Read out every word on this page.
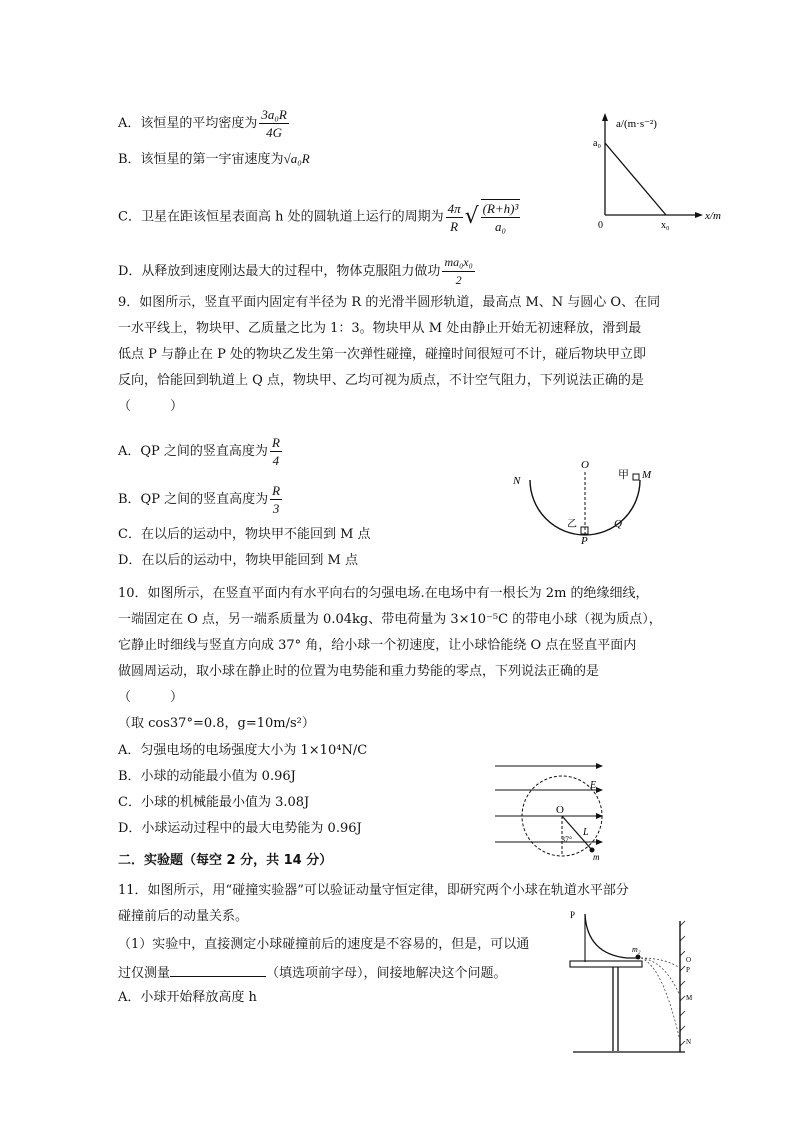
A．该恒星的平均密度为 $\frac{\text{3a₀R}}{4G}$
B．该恒星的第一宇宙速度为√a₀R
C．卫星在距该恒星表面高 h 处的圆轨道上运行的周期为 $\frac{4\pi}{R}$ √ $\frac{\text{(R+h)³}}{\text{a₀}}$
D．从释放到速度刚达最大的过程中，物体克服阻力做功 $\frac{\text{ma₀x₀}}{2}$
a/(m·s⁻²)
a₀
0	x₀
x/m
9．如图所示，竖直平面内固定有半径为 R 的光滑半圆形轨道，最高点 M、N 与圆心 O、在同
一水平线上，物块甲、乙质量之比为 1：3。物块甲从 M 处由静止开始无初速释放，滑到最
低点 P 与静止在 P 处的物块乙发生第一次弹性碰撞，碰撞时间很短可不计，碰后物块甲立即
反向，恰能回到轨道上 Q 点，物块甲、乙均可视为质点，不计空气阻力，下列说法正确的是
（　　　）
A．QP 之间的竖直高度为 $\frac{R}{4}$
B．QP 之间的竖直高度为 $\frac{R}{3}$
C．在以后的运动中，物块甲不能回到 M 点
D．在以后的运动中，物块甲能回到 M 点
N
O
甲 M
乙
P
Q
10．如图所示，在竖直平面内有水平向右的匀强电场.在电场中有一根长为 2m 的绝缘细线，
一端固定在 O 点，另一端系质量为 0.04kg、带电荷量为 3×10⁻⁵C 的带电小球（视为质点），
它静止时细线与竖直方向成 37° 角，给小球一个初速度，让小球恰能绕 O 点在竖直平面内
做圆周运动，取小球在静止时的位置为电势能和重力势能的零点，下列说法正确的是
（　　　）
（取 cos37°=0.8，g=10m/s²）
A．匀强电场的电场强度大小为 1×10⁴N/C
B．小球的动能最小值为 0.96J
C．小球的机械能最小值为 3.08J
D．小球运动过程中的最大电势能为 0.96J
E
O
37°
L
m
二．实验题（每空 2 分，共 14 分）
11．如图所示，用“碰撞实验器”可以验证动量守恒定律，即研究两个小球在轨道水平部分
碰撞前后的动量关系。
（1）实验中，直接测定小球碰撞前后的速度是不容易的，但是，可以通
过仅测量	（填选项前字母），间接地解决这个问题。
A．小球开始释放高度 h
P
m₂
O
P
M
N
